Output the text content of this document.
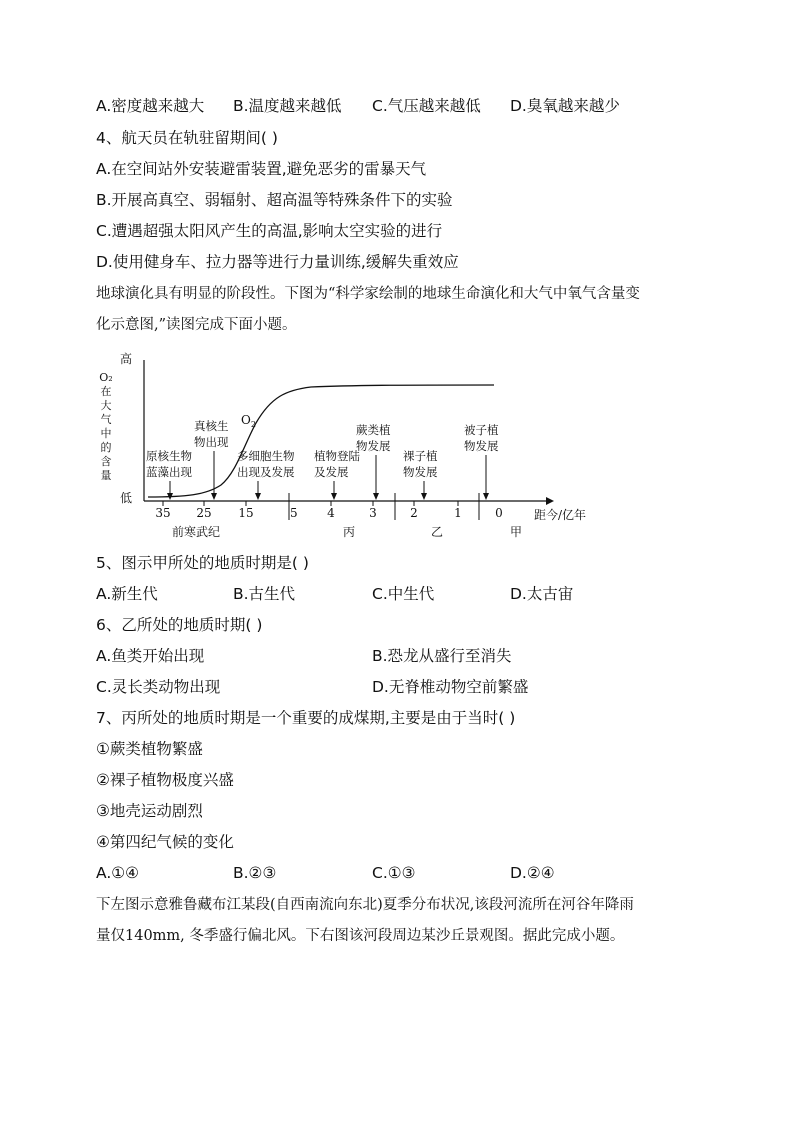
A.密度越来越大 B.温度越来越低 C.气压越来越低 D.臭氧越来越少
4、航天员在轨驻留期间( )
A.在空间站外安装避雷装置,避免恶劣的雷暴天气
B.开展高真空、弱辐射、超高温等特殊条件下的实验
C.遭遇超强太阳风产生的高温,影响太空实验的进行
D.使用健身车、拉力器等进行力量训练,缓解失重效应
地球演化具有明显的阶段性。下图为“科学家绘制的地球生命演化和大气中氧气含量变
化示意图,”读图完成下面小题。
高
低
O₂
在
大
气
中
的
含
量
距今/亿年
35 25 15	5 4	3	2	1	0
前寒武纪	丙	乙	甲
$O_2$
原核生物蓝藻出现
真核生物出现
多细胞生物出现及发展
植物登陆及发展
蕨类植物发展
裸子植物发展
被子植物发展
5、图示甲所处的地质时期是( )
A.新生代	B.古生代	C.中生代	D.太古宙
6、乙所处的地质时期( )
A.鱼类开始出现	B.恐龙从盛行至消失
C.灵长类动物出现	D.无脊椎动物空前繁盛
7、丙所处的地质时期是一个重要的成煤期,主要是由于当时( )
①蕨类植物繁盛
②裸子植物极度兴盛
③地壳运动剧烈
④第四纪气候的变化
A.①④	B.②③	C.①③	D.②④
下左图示意雅鲁藏布江某段(自西南流向东北)夏季分布状况,该段河流所在河谷年降雨
量仅140mm, 冬季盛行偏北风。下右图该河段周边某沙丘景观图。据此完成小题。
